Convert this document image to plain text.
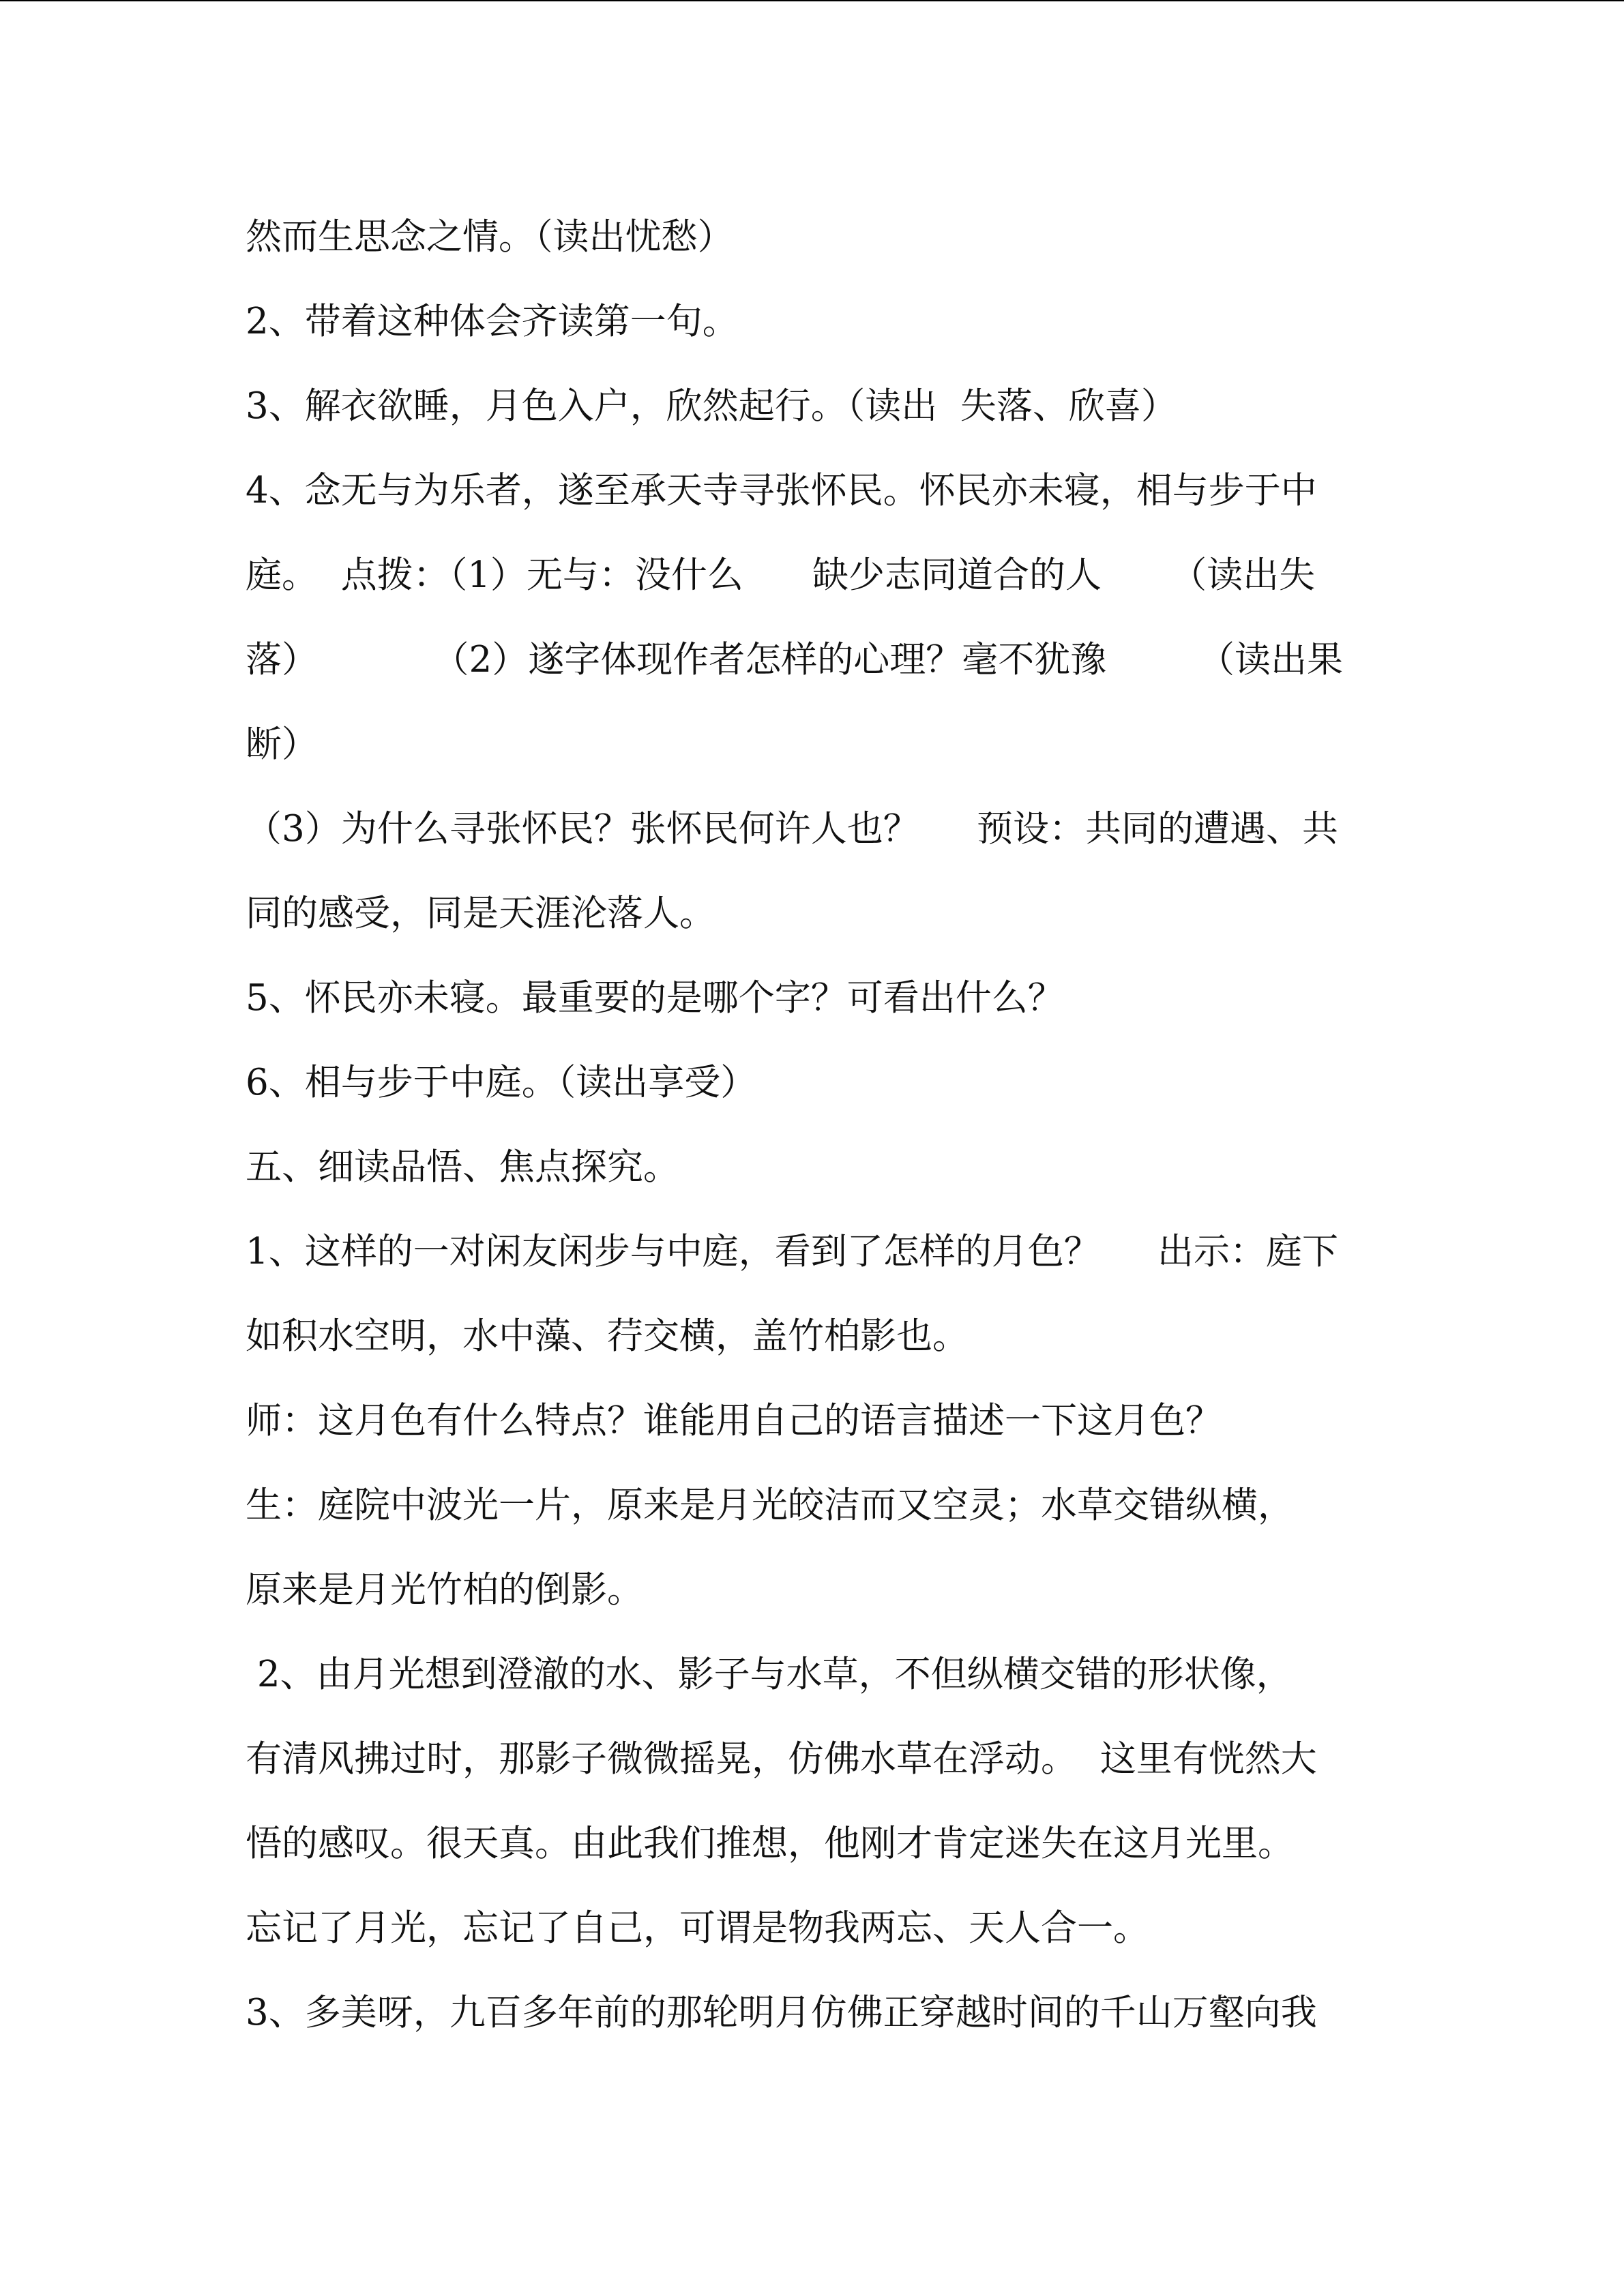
然而生思念之情。（读出忧愁）
2、带着这种体会齐读第一句。
3、解衣欲睡，月色入户，欣然起行。（读出  失落、欣喜）
4、念无与为乐者，遂至承天寺寻张怀民。怀民亦未寝，相与步于中
庭。  点拨：（1）无与：没什么      缺少志同道合的人      （读出失
落）          （2）遂字体现作者怎样的心理？毫不犹豫        （读出果
断）
（3）为什么寻张怀民？张怀民何许人也？     预设：共同的遭遇、共
同的感受，同是天涯沦落人。
5、怀民亦未寝。最重要的是哪个字？可看出什么？
6、相与步于中庭。（读出享受）
五、细读品悟、焦点探究。
1、这样的一对闲友闲步与中庭，看到了怎样的月色？     出示：庭下
如积水空明，水中藻、荇交横，盖竹柏影也。
师：这月色有什么特点？谁能用自己的语言描述一下这月色？
生：庭院中波光一片，原来是月光皎洁而又空灵；水草交错纵横，
原来是月光竹柏的倒影。
2、由月光想到澄澈的水、影子与水草，不但纵横交错的形状像，
有清风拂过时，那影子微微摇晃，仿佛水草在浮动。  这里有恍然大
悟的感叹。很天真。由此我们推想，他刚才肯定迷失在这月光里。
忘记了月光，忘记了自己，可谓是物我两忘、天人合一。
3、多美呀，九百多年前的那轮明月仿佛正穿越时间的千山万壑向我
